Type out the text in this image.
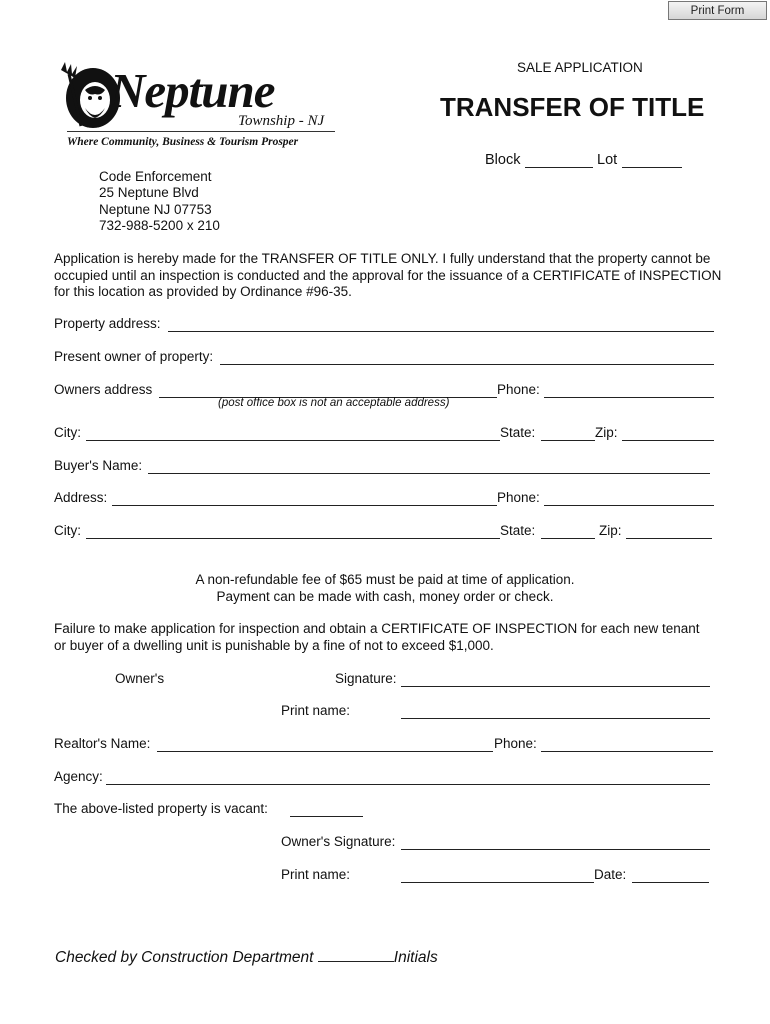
Print Form
Neptune
Township - NJ
Where Community, Business & Tourism Prosper
SALE APPLICATION
TRANSFER OF TITLE
Block	Lot
Code Enforcement
25 Neptune Blvd
Neptune NJ 07753
732-988-5200 x 210
Application is hereby made for the TRANSFER OF TITLE ONLY. I fully understand that the property cannot be occupied until an inspection is conducted and the approval for the issuance of a CERTIFICATE of INSPECTION for this location as provided by Ordinance #96-35.
Property address:
Present owner of property:
Owners address	Phone:
(post office box is not an acceptable address)
City:	State:	Zip:
Buyer's Name:
Address:	Phone:
City:	State:	Zip:
A non-refundable fee of $65 must be paid at time of application.
Payment can be made with cash, money order or check.
Failure to make application for inspection and obtain a CERTIFICATE OF INSPECTION for each new tenant or buyer of a dwelling unit is punishable by a fine of not to exceed $1,000.
Owner's	Signature:
Print name:
Realtor's Name:	Phone:
Agency:
The above-listed property is vacant:
Owner's Signature:
Print name:	Date:
Checked by Construction Department	Initials
